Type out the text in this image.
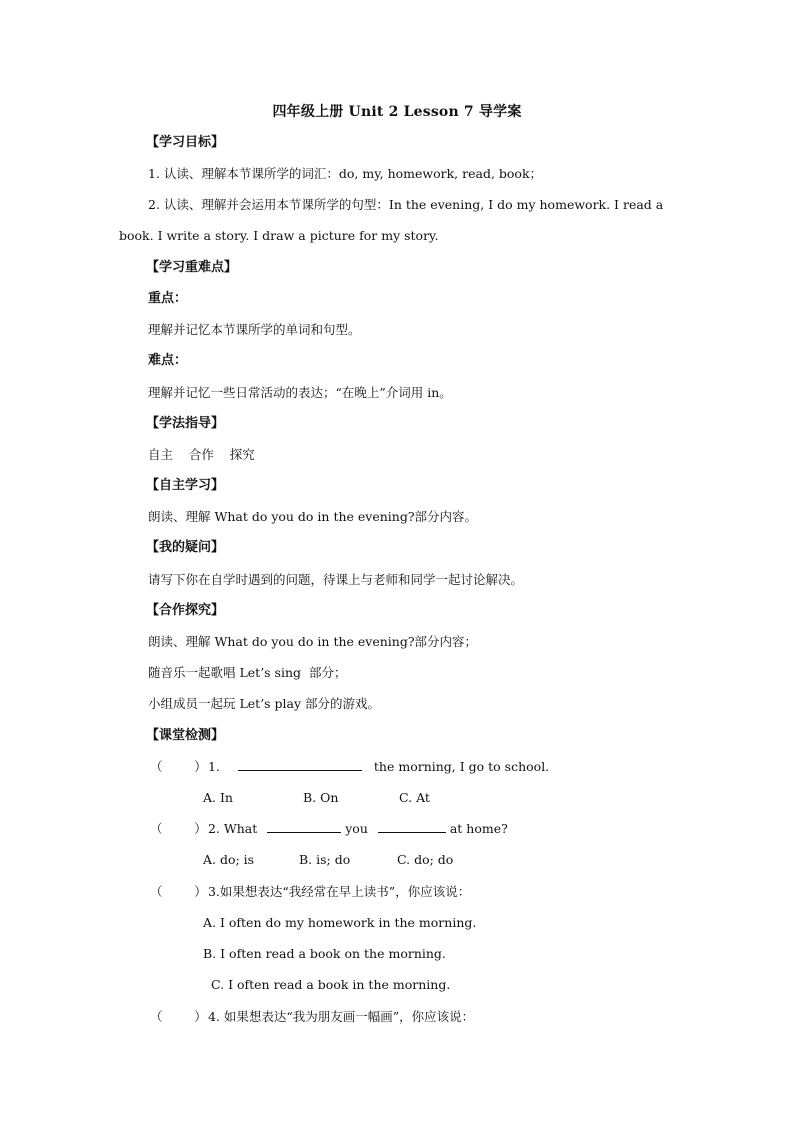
四年级上册 Unit 2 Lesson 7 导学案
【学习目标】
1. 认读、理解本节课所学的词汇：do, my, homework, read, book；
2. 认读、理解并会运用本节课所学的句型：In the evening, I do my homework. I read a
book. I write a story. I draw a picture for my story.
【学习重难点】
重点：
理解并记忆本节课所学的单词和句型。
难点：
理解并记忆一些日常活动的表达；“在晚上”介词用 in。
【学法指导】
自主    合作    探究
【自主学习】
朗读、理解 What do you do in the evening?部分内容。
【我的疑问】
请写下你在自学时遇到的问题，待课上与老师和同学一起讨论解决。
【合作探究】
朗读、理解 What do you do in the evening?部分内容；
随音乐一起歌唱 Let’s sing  部分；
小组成员一起玩 Let’s play 部分的游戏。
【课堂检测】
（        ） 1.	the morning, I go to school.
A. In	B. On	C. At
（        ） 2. What	you	at home?
A. do; is	B. is; do	C. do; do
（        ） 3.如果想表达“我经常在早上读书”，你应该说：
A. I often do my homework in the morning.
B. I often read a book on the morning.
C. I often read a book in the morning.
（        ） 4. 如果想表达“我为朋友画一幅画”，你应该说：
